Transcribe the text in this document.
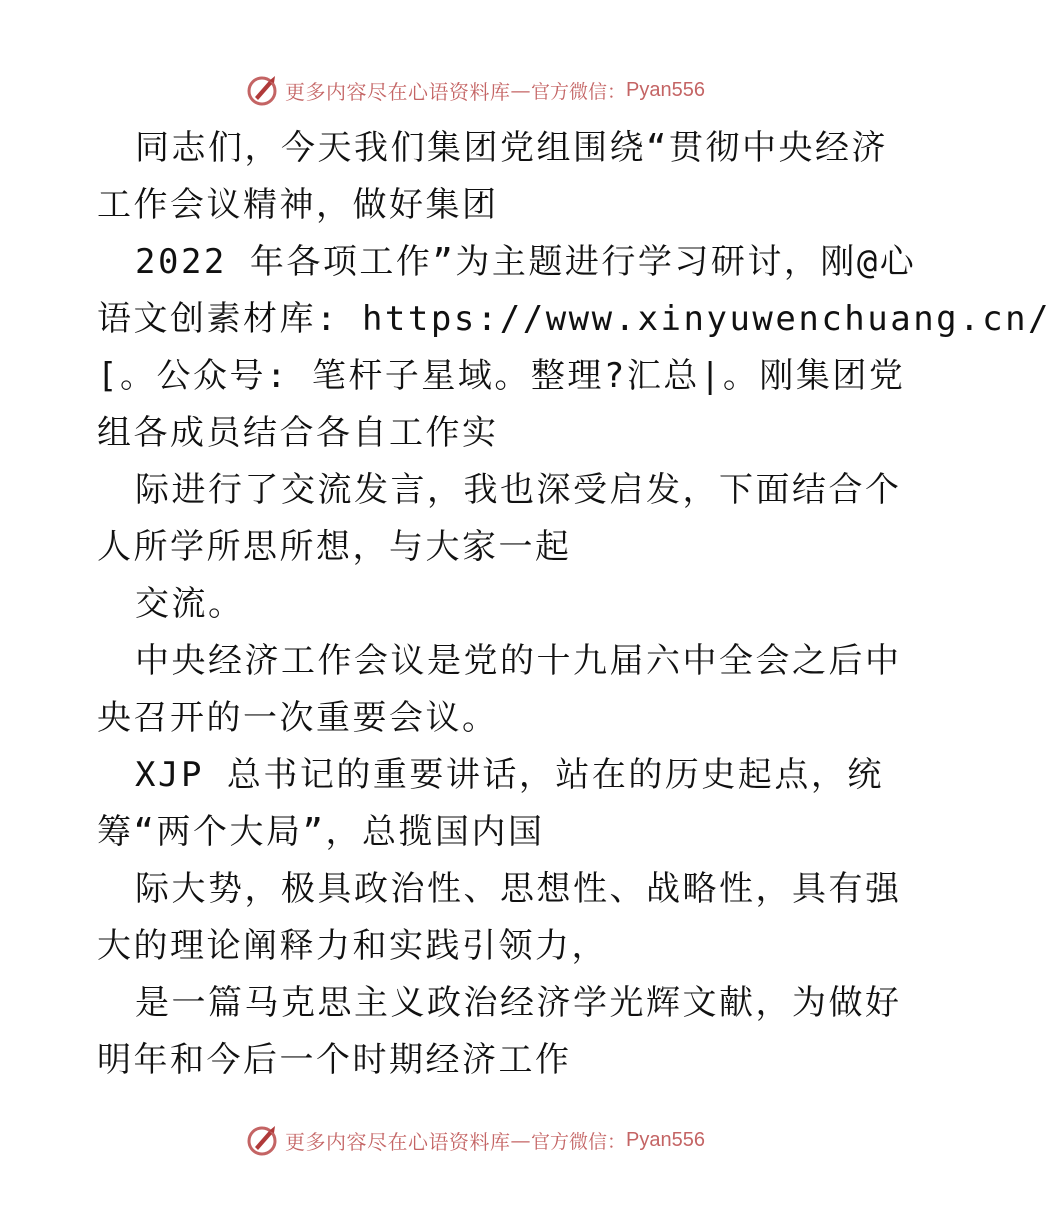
更多内容尽在心语资料库 — 官方微信： Pyan556
同志们，今天我们集团党组围绕“贯彻中央经济
工作会议精神，做好集团
2022 年各项工作”为主题进行学习研讨，刚@心
语文创素材库: https://www.xinyuwenchuang.cn/
[。公众号: 笔杆子星域。整理?汇总|。刚集团党
组各成员结合各自工作实
际进行了交流发言，我也深受启发，下面结合个
人所学所思所想，与大家一起
交流。
中央经济工作会议是党的十九届六中全会之后中
央召开的一次重要会议。
XJP 总书记的重要讲话，站在的历史起点，统
筹“两个大局”，总揽国内国
际大势，极具政治性、思想性、战略性，具有强
大的理论阐释力和实践引领力，
是一篇马克思主义政治经济学光辉文献，为做好
明年和今后一个时期经济工作
更多内容尽在心语资料库 — 官方微信： Pyan556
